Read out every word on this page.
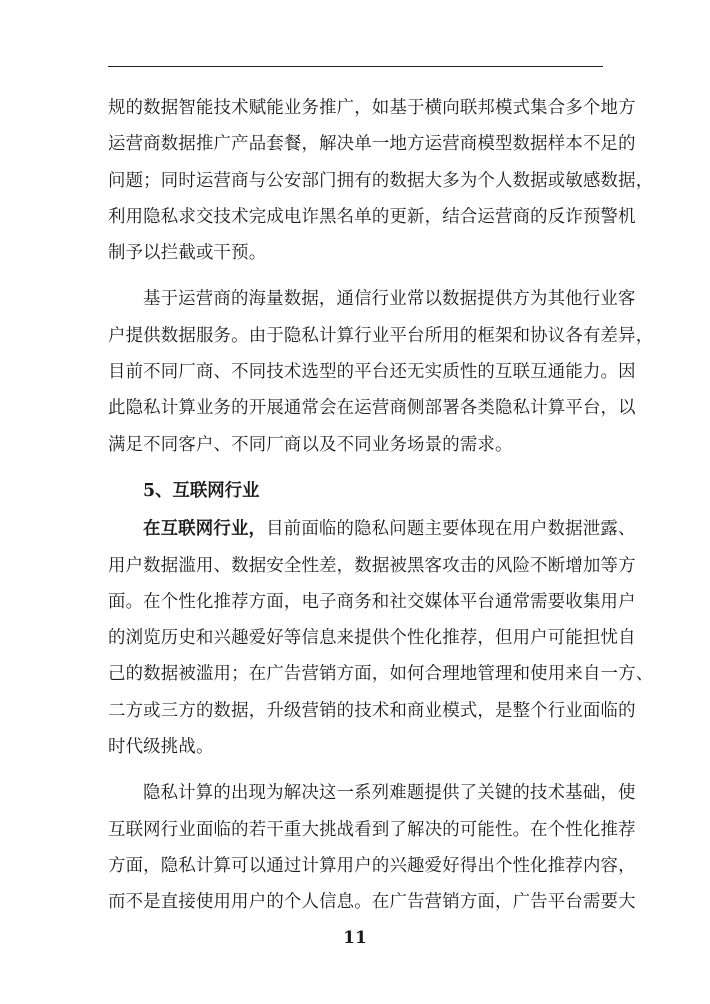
规的数据智能技术赋能业务推广，如基于横向联邦模式集合多个地方
运营商数据推广产品套餐，解决单一地方运营商模型数据样本不足的
问题；同时运营商与公安部门拥有的数据大多为个人数据或敏感数据，
利用隐私求交技术完成电诈黑名单的更新，结合运营商的反诈预警机
制予以拦截或干预。
基于运营商的海量数据，通信行业常以数据提供方为其他行业客
户提供数据服务。由于隐私计算行业平台所用的框架和协议各有差异，
目前不同厂商、不同技术选型的平台还无实质性的互联互通能力。因
此隐私计算业务的开展通常会在运营商侧部署各类隐私计算平台，以
满足不同客户、不同厂商以及不同业务场景的需求。
5、互联网行业
在互联网行业，目前面临的隐私问题主要体现在用户数据泄露、
用户数据滥用、数据安全性差，数据被黑客攻击的风险不断增加等方
面。在个性化推荐方面，电子商务和社交媒体平台通常需要收集用户
的浏览历史和兴趣爱好等信息来提供个性化推荐，但用户可能担忧自
己的数据被滥用；在广告营销方面，如何合理地管理和使用来自一方、
二方或三方的数据，升级营销的技术和商业模式，是整个行业面临的
时代级挑战。
隐私计算的出现为解决这一系列难题提供了关键的技术基础，使
互联网行业面临的若干重大挑战看到了解决的可能性。在个性化推荐
方面，隐私计算可以通过计算用户的兴趣爱好得出个性化推荐内容，
而不是直接使用用户的个人信息。在广告营销方面，广告平台需要大
11
